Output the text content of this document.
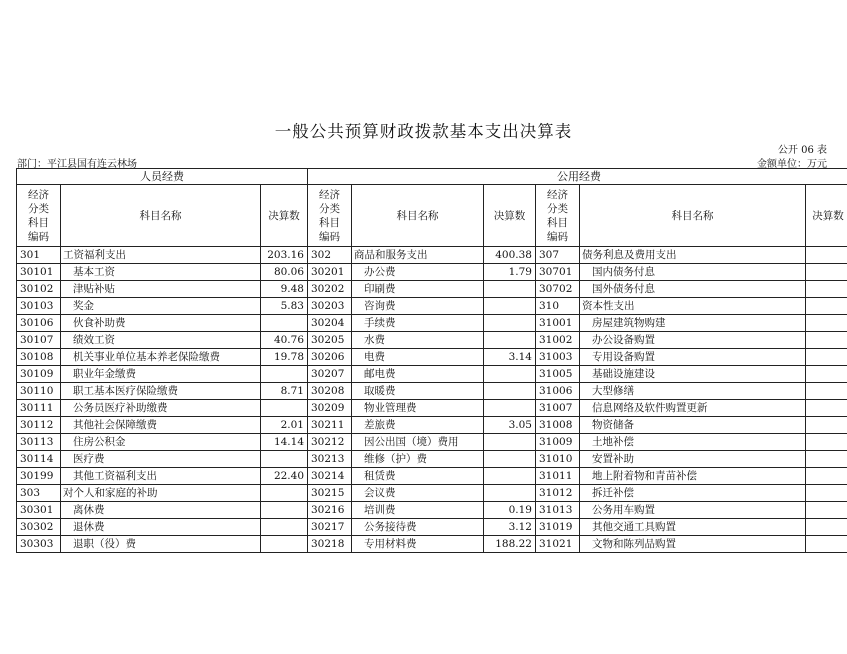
一般公共预算财政拨款基本支出决算表
公开 06 表
部门：平江县国有连云林场	金额单位：万元
人员经费			公用经费					
经济分类科目编码	科目名称	决算数	经济分类科目编码	科目名称	决算数	经济分类科目编码	科目名称	决算数
301	工资福利支出	203.16	302	商品和服务支出	400.38	307	债务利息及费用支出	
30101	基本工资	80.06	30201	办公费	1.79	30701	国内债务付息	
30102	津贴补贴	9.48	30202	印刷费		30702	国外债务付息	
30103	奖金	5.83	30203	咨询费		310	资本性支出	
30106	伙食补助费		30204	手续费		31001	房屋建筑物购建	
30107	绩效工资	40.76	30205	水费		31002	办公设备购置	
30108	机关事业单位基本养老保险缴费	19.78	30206	电费	3.14	31003	专用设备购置	
30109	职业年金缴费		30207	邮电费		31005	基础设施建设	
30110	职工基本医疗保险缴费	8.71	30208	取暖费		31006	大型修缮	
30111	公务员医疗补助缴费		30209	物业管理费		31007	信息网络及软件购置更新	
30112	其他社会保障缴费	2.01	30211	差旅费	3.05	31008	物资储备	
30113	住房公积金	14.14	30212	因公出国（境）费用		31009	土地补偿	
30114	医疗费		30213	维修（护）费		31010	安置补助	
30199	其他工资福利支出	22.40	30214	租赁费		31011	地上附着物和青苗补偿	
303	对个人和家庭的补助		30215	会议费		31012	拆迁补偿	
30301	离休费		30216	培训费	0.19	31013	公务用车购置	
30302	退休费		30217	公务接待费	3.12	31019	其他交通工具购置	
30303	退职（役）费		30218	专用材料费	188.22	31021	文物和陈列品购置	
